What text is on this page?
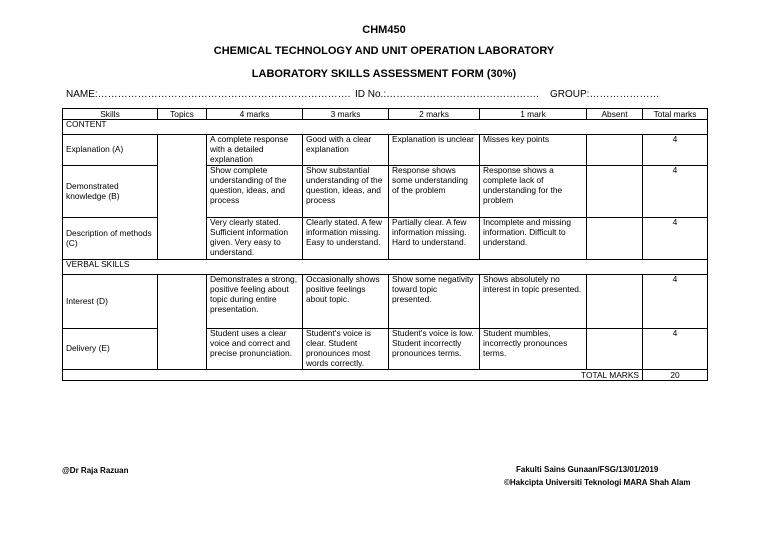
CHM450
CHEMICAL TECHNOLOGY AND UNIT OPERATION LABORATORY
LABORATORY SKILLS ASSESSMENT FORM (30%)
NAME:…………………………………………………………………. ID No.:………………………………………. GROUP:…………………
Skills	Topics	4 marks	3 marks	2 marks	1 mark	Absent	Total marks
CONTENT							
Explanation (A)		A complete response with a detailed explanation	Good with a clear explanation	Explanation is unclear	Misses key points		4
Demonstrated knowledge (B)		Show complete understanding of the question, ideas, and process	Show substantial understanding of the question, ideas, and process	Response shows some understanding of the problem	Response shows a complete lack of understanding for the problem		4
Description of methods (C)		Very clearly stated. Sufficient information given. Very easy to understand.	Clearly stated. A few information missing. Easy to understand.	Partially clear. A few information missing. Hard to understand.	Incomplete and missing information. Difficult to understand.		4
VERBAL SKILLS							
Interest (D)		Demonstrates a strong, positive feeling about topic during entire presentation.	Occasionally shows positive feelings about topic.	Show some negativity toward topic presented.	Shows absolutely no interest in topic presented.		4
Delivery (E)		Student uses a clear voice and correct and precise pronunciation.	Student's voice is clear. Student pronounces most words correctly.	Student's voice is low. Student incorrectly pronounces terms.	Student mumbles, incorrectly pronounces terms.		4
					TOTAL MARKS		20
@Dr Raja Razuan	Fakulti Sains Gunaan/FSG/13/01/2019
©Hakcipta Universiti Teknologi MARA Shah Alam
